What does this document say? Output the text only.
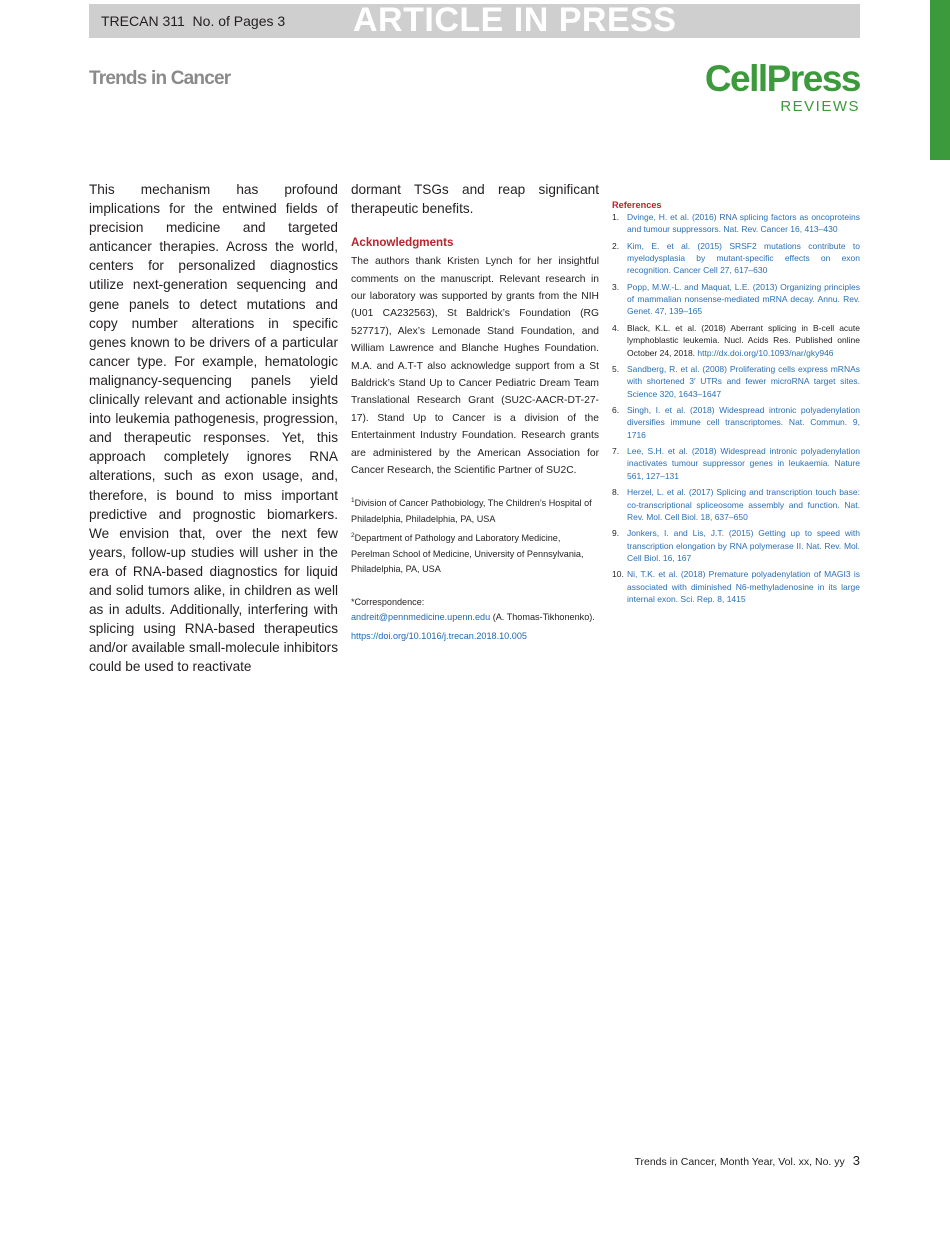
TRECAN 311  No. of Pages 3 ARTICLE IN PRESS
Trends in Cancer	CellPress
REVIEWS
This mechanism has profound implications for the entwined fields of precision medicine and targeted anticancer therapies. Across the world, centers for personalized diagnostics utilize next-generation sequencing and gene panels to detect mutations and copy number alterations in specific genes known to be drivers of a particular cancer type. For example, hematologic malignancy-sequencing panels yield clinically relevant and actionable insights into leukemia pathogenesis, progression, and therapeutic responses. Yet, this approach completely ignores RNA alterations, such as exon usage, and, therefore, is bound to miss important predictive and prognostic biomarkers. We envision that, over the next few years, follow-up studies will usher in the era of RNA-based diagnostics for liquid and solid tumors alike, in children as well as in adults. Additionally, interfering with splicing using RNA-based therapeutics and/or available small-molecule inhibitors could be used to reactivate

dormant TSGs and reap significant therapeutic benefits.

Acknowledgments

The authors thank Kristen Lynch for her insightful comments on the manuscript. Relevant research in our laboratory was supported by grants from the NIH (U01 CA232563), St Baldrick’s Foundation (RG 527717), Alex’s Lemonade Stand Foundation, and William Lawrence and Blanche Hughes Foundation. M.A. and A.T-T also acknowledge support from a St Baldrick’s Stand Up to Cancer Pediatric Dream Team Translational Research Grant (SU2C-AACR-DT-27-17). Stand Up to Cancer is a division of the Entertainment Industry Foundation. Research grants are administered by the American Association for Cancer Research, the Scientific Partner of SU2C.

$^1$Division of Cancer Pathobiology, The Children’s Hospital of Philadelphia, Philadelphia, PA, USA

$^2$Department of Pathology and Laboratory Medicine, Perelman School of Medicine, University of Pennsylvania, Philadelphia, PA, USA

*Correspondence:
andreit@pennmedicine.upenn.edu (A. Thomas-Tikhonenko).
https://doi.org/10.1016/j.trecan.2018.10.005
References
1. Dvinge, H. et al. (2016) RNA splicing factors as oncoproteins and tumour suppressors. Nat. Rev. Cancer 16, 413–430
2. Kim, E. et al. (2015) SRSF2 mutations contribute to myelodysplasia by mutant-specific effects on exon recognition. Cancer Cell 27, 617–630
3. Popp, M.W.-L. and Maquat, L.E. (2013) Organizing principles of mammalian nonsense-mediated mRNA decay. Annu. Rev. Genet. 47, 139–165
4. Black, K.L. et al. (2018) Aberrant splicing in B-cell acute lymphoblastic leukemia. Nucl. Acids Res. Published online October 24, 2018. http://dx.doi.org/10.1093/nar/gky946
5. Sandberg, R. et al. (2008) Proliferating cells express mRNAs with shortened 3′ UTRs and fewer microRNA target sites. Science 320, 1643–1647
6. Singh, I. et al. (2018) Widespread intronic polyadenylation diversifies immune cell transcriptomes. Nat. Commun. 9, 1716
7. Lee, S.H. et al. (2018) Widespread intronic polyadenylation inactivates tumour suppressor genes in leukaemia. Nature 561, 127–131
8. Herzel, L. et al. (2017) Splicing and transcription touch base: co-transcriptional spliceosome assembly and function. Nat. Rev. Mol. Cell Biol. 18, 637–650
9. Jonkers, I. and Lis, J.T. (2015) Getting up to speed with transcription elongation by RNA polymerase II. Nat. Rev. Mol. Cell Biol. 16, 167
10. Ni, T.K. et al. (2018) Premature polyadenylation of MAGI3 is associated with diminished N6-methyladenosine in its large internal exon. Sci. Rep. 8, 1415
Trends in Cancer, Month Year, Vol. xx, No. yy 3
